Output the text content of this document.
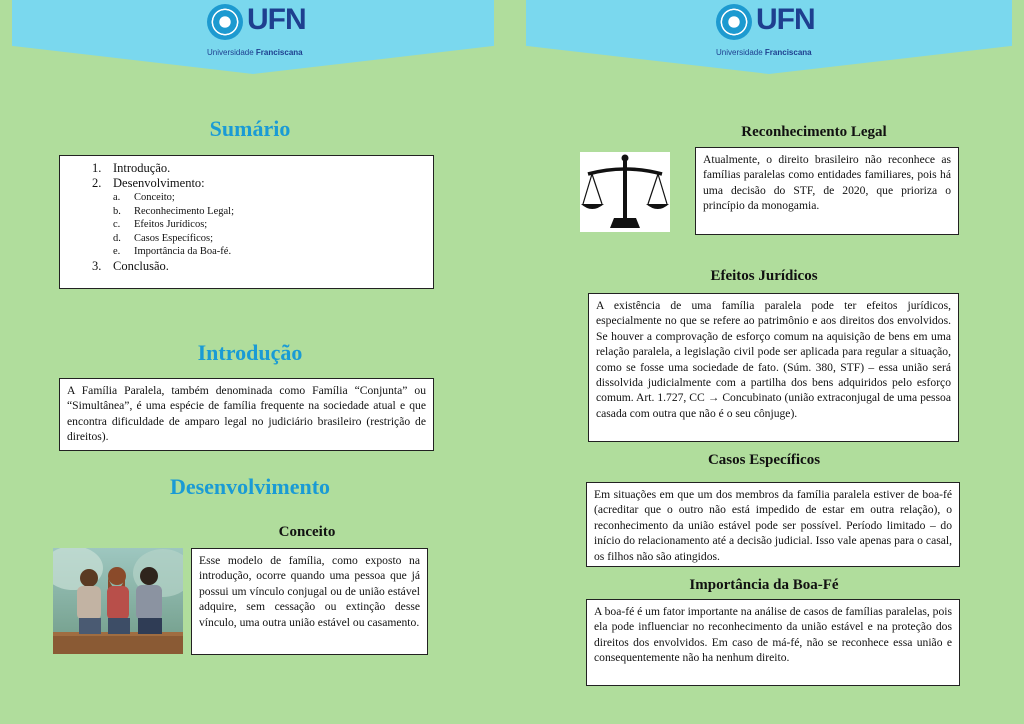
UFN
Universidade Franciscana
UFN
Universidade Franciscana
Sumário
1. Introdução.
2. Desenvolvimento:
a.	Conceito;
b.	Reconhecimento Legal;
c.	Efeitos Jurídicos;
d.	Casos Específicos;
e.	Importância da Boa-fé.
3. Conclusão.
Introdução
A Família Paralela, também denominada como Família “Conjunta” ou “Simultânea”, é uma espécie de família frequente na sociedade atual e que encontra dificuldade de amparo legal no judiciário brasileiro (restrição de direitos).
Desenvolvimento
Conceito
Esse modelo de família, como exposto na introdução, ocorre quando uma pessoa que já possui um vínculo conjugal ou de união estável adquire, sem cessação ou extinção desse vínculo, uma outra união estável ou casamento.
Reconhecimento Legal
Atualmente, o direito brasileiro não reconhece as famílias paralelas como entidades familiares, pois há uma decisão do STF, de 2020, que prioriza o princípio da monogamia.
Efeitos Jurídicos
A existência de uma família paralela pode ter efeitos jurídicos, especialmente no que se refere ao patrimônio e aos direitos dos envolvidos. Se houver a comprovação de esforço comum na aquisição de bens em uma relação paralela, a legislação civil pode ser aplicada para regular a situação, como se fosse uma sociedade de fato. (Súm. 380, STF) – essa união será dissolvida judicialmente com a partilha dos bens adquiridos pelo esforço comum. Art. 1.727, CC → Concubinato (união extraconjugal de uma pessoa casada com outra que não é o seu cônjuge).
Casos Específicos
Em situações em que um dos membros da família paralela estiver de boa-fé (acreditar que o outro não está impedido de estar em outra relação), o reconhecimento da união estável pode ser possível. Período limitado – do início do relacionamento até a decisão judicial. Isso vale apenas para o casal, os filhos não são atingidos.
Importância da Boa-Fé
A boa-fé é um fator importante na análise de casos de famílias paralelas, pois ela pode influenciar no reconhecimento da união estável e na proteção dos direitos dos envolvidos. Em caso de má-fé, não se reconhece essa união e consequentemente não ha nenhum direito.
